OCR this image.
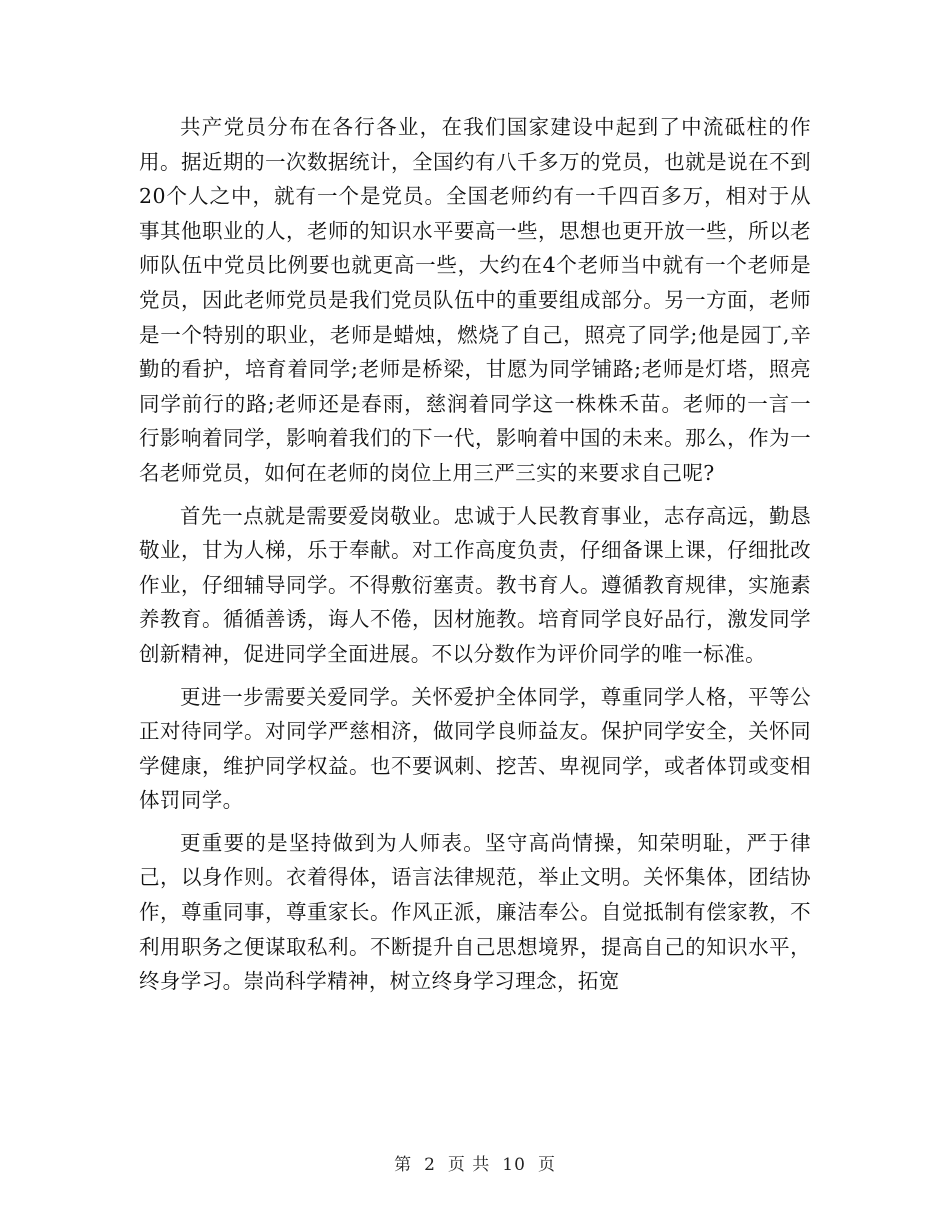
共产党员分布在各行各业，在我们国家建设中起到了中流砥柱的作用。据近期的一次数据统计，全国约有八千多万的党员，也就是说在不到20个人之中，就有一个是党员。全国老师约有一千四百多万，相对于从事其他职业的人，老师的知识水平要高一些，思想也更开放一些，所以老师队伍中党员比例要也就更高一些，大约在4个老师当中就有一个老师是党员，因此老师党员是我们党员队伍中的重要组成部分。另一方面，老师是一个特别的职业，老师是蜡烛，燃烧了自己，照亮了同学;他是园丁,辛勤的看护，培育着同学;老师是桥梁，甘愿为同学铺路;老师是灯塔，照亮同学前行的路;老师还是春雨，慈润着同学这一株株禾苗。老师的一言一行影响着同学，影响着我们的下一代，影响着中国的未来。那么，作为一名老师党员，如何在老师的岗位上用三严三实的来要求自己呢?

首先一点就是需要爱岗敬业。忠诚于人民教育事业，志存高远，勤恳敬业，甘为人梯，乐于奉献。对工作高度负责，仔细备课上课，仔细批改作业，仔细辅导同学。不得敷衍塞责。教书育人。遵循教育规律，实施素养教育。循循善诱，诲人不倦，因材施教。培育同学良好品行，激发同学创新精神，促进同学全面进展。不以分数作为评价同学的唯一标准。

更进一步需要关爱同学。关怀爱护全体同学，尊重同学人格，平等公正对待同学。对同学严慈相济，做同学良师益友。保护同学安全，关怀同学健康，维护同学权益。也不要讽刺、挖苦、卑视同学，或者体罚或变相体罚同学。

更重要的是坚持做到为人师表。坚守高尚情操，知荣明耻，严于律己，以身作则。衣着得体，语言法律规范，举止文明。关怀集体，团结协作，尊重同事，尊重家长。作风正派，廉洁奉公。自觉抵制有偿家教，不利用职务之便谋取私利。不断提升自己思想境界，提高自己的知识水平，终身学习。崇尚科学精神，树立终身学习理念，拓宽

第 2 页 共 10 页
